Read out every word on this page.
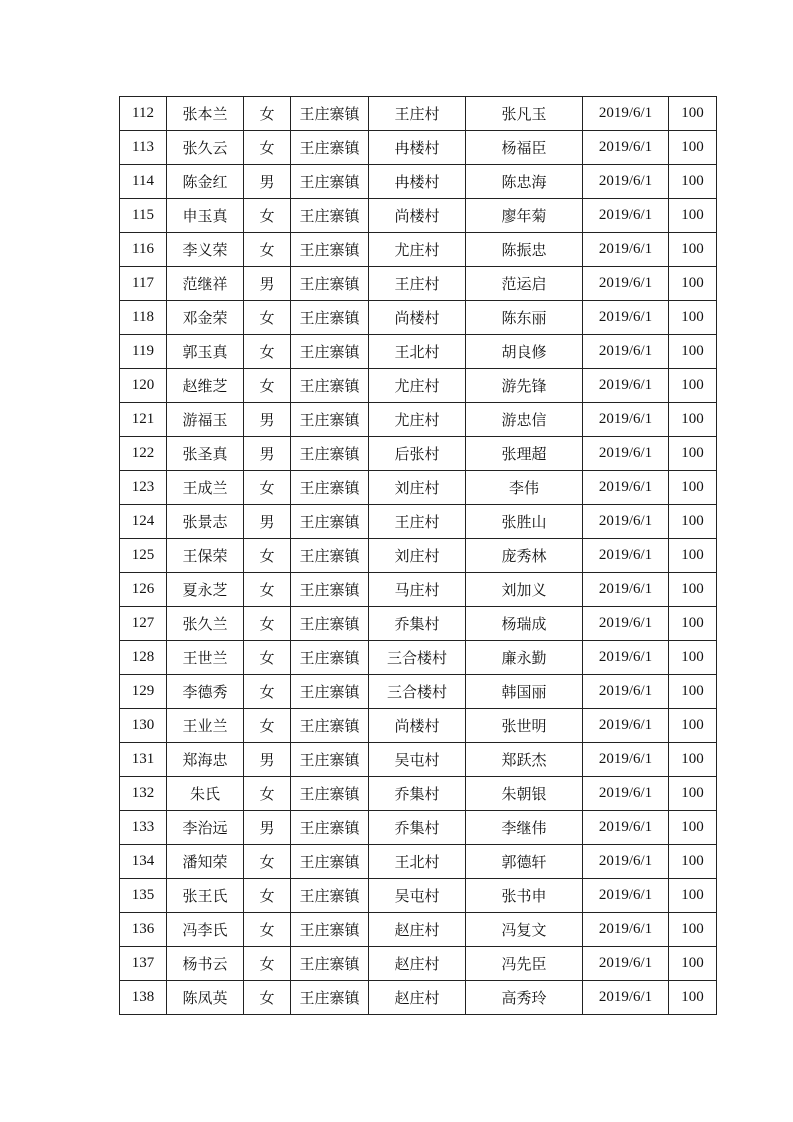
112	张本兰	女	王庄寨镇	王庄村	张凡玉	2019/6/1	100
113	张久云	女	王庄寨镇	冉楼村	杨福臣	2019/6/1	100
114	陈金红	男	王庄寨镇	冉楼村	陈忠海	2019/6/1	100
115	申玉真	女	王庄寨镇	尚楼村	廖年菊	2019/6/1	100
116	李义荣	女	王庄寨镇	尤庄村	陈振忠	2019/6/1	100
117	范继祥	男	王庄寨镇	王庄村	范运启	2019/6/1	100
118	邓金荣	女	王庄寨镇	尚楼村	陈东丽	2019/6/1	100
119	郭玉真	女	王庄寨镇	王北村	胡良修	2019/6/1	100
120	赵维芝	女	王庄寨镇	尤庄村	游先锋	2019/6/1	100
121	游福玉	男	王庄寨镇	尤庄村	游忠信	2019/6/1	100
122	张圣真	男	王庄寨镇	后张村	张理超	2019/6/1	100
123	王成兰	女	王庄寨镇	刘庄村	李伟	2019/6/1	100
124	张景志	男	王庄寨镇	王庄村	张胜山	2019/6/1	100
125	王保荣	女	王庄寨镇	刘庄村	庞秀林	2019/6/1	100
126	夏永芝	女	王庄寨镇	马庄村	刘加义	2019/6/1	100
127	张久兰	女	王庄寨镇	乔集村	杨瑞成	2019/6/1	100
128	王世兰	女	王庄寨镇	三合楼村	廉永勤	2019/6/1	100
129	李德秀	女	王庄寨镇	三合楼村	韩国丽	2019/6/1	100
130	王业兰	女	王庄寨镇	尚楼村	张世明	2019/6/1	100
131	郑海忠	男	王庄寨镇	吴屯村	郑跃杰	2019/6/1	100
132	朱氏	女	王庄寨镇	乔集村	朱朝银	2019/6/1	100
133	李治远	男	王庄寨镇	乔集村	李继伟	2019/6/1	100
134	潘知荣	女	王庄寨镇	王北村	郭德轩	2019/6/1	100
135	张王氏	女	王庄寨镇	吴屯村	张书申	2019/6/1	100
136	冯李氏	女	王庄寨镇	赵庄村	冯复文	2019/6/1	100
137	杨书云	女	王庄寨镇	赵庄村	冯先臣	2019/6/1	100
138	陈凤英	女	王庄寨镇	赵庄村	高秀玲	2019/6/1	100
